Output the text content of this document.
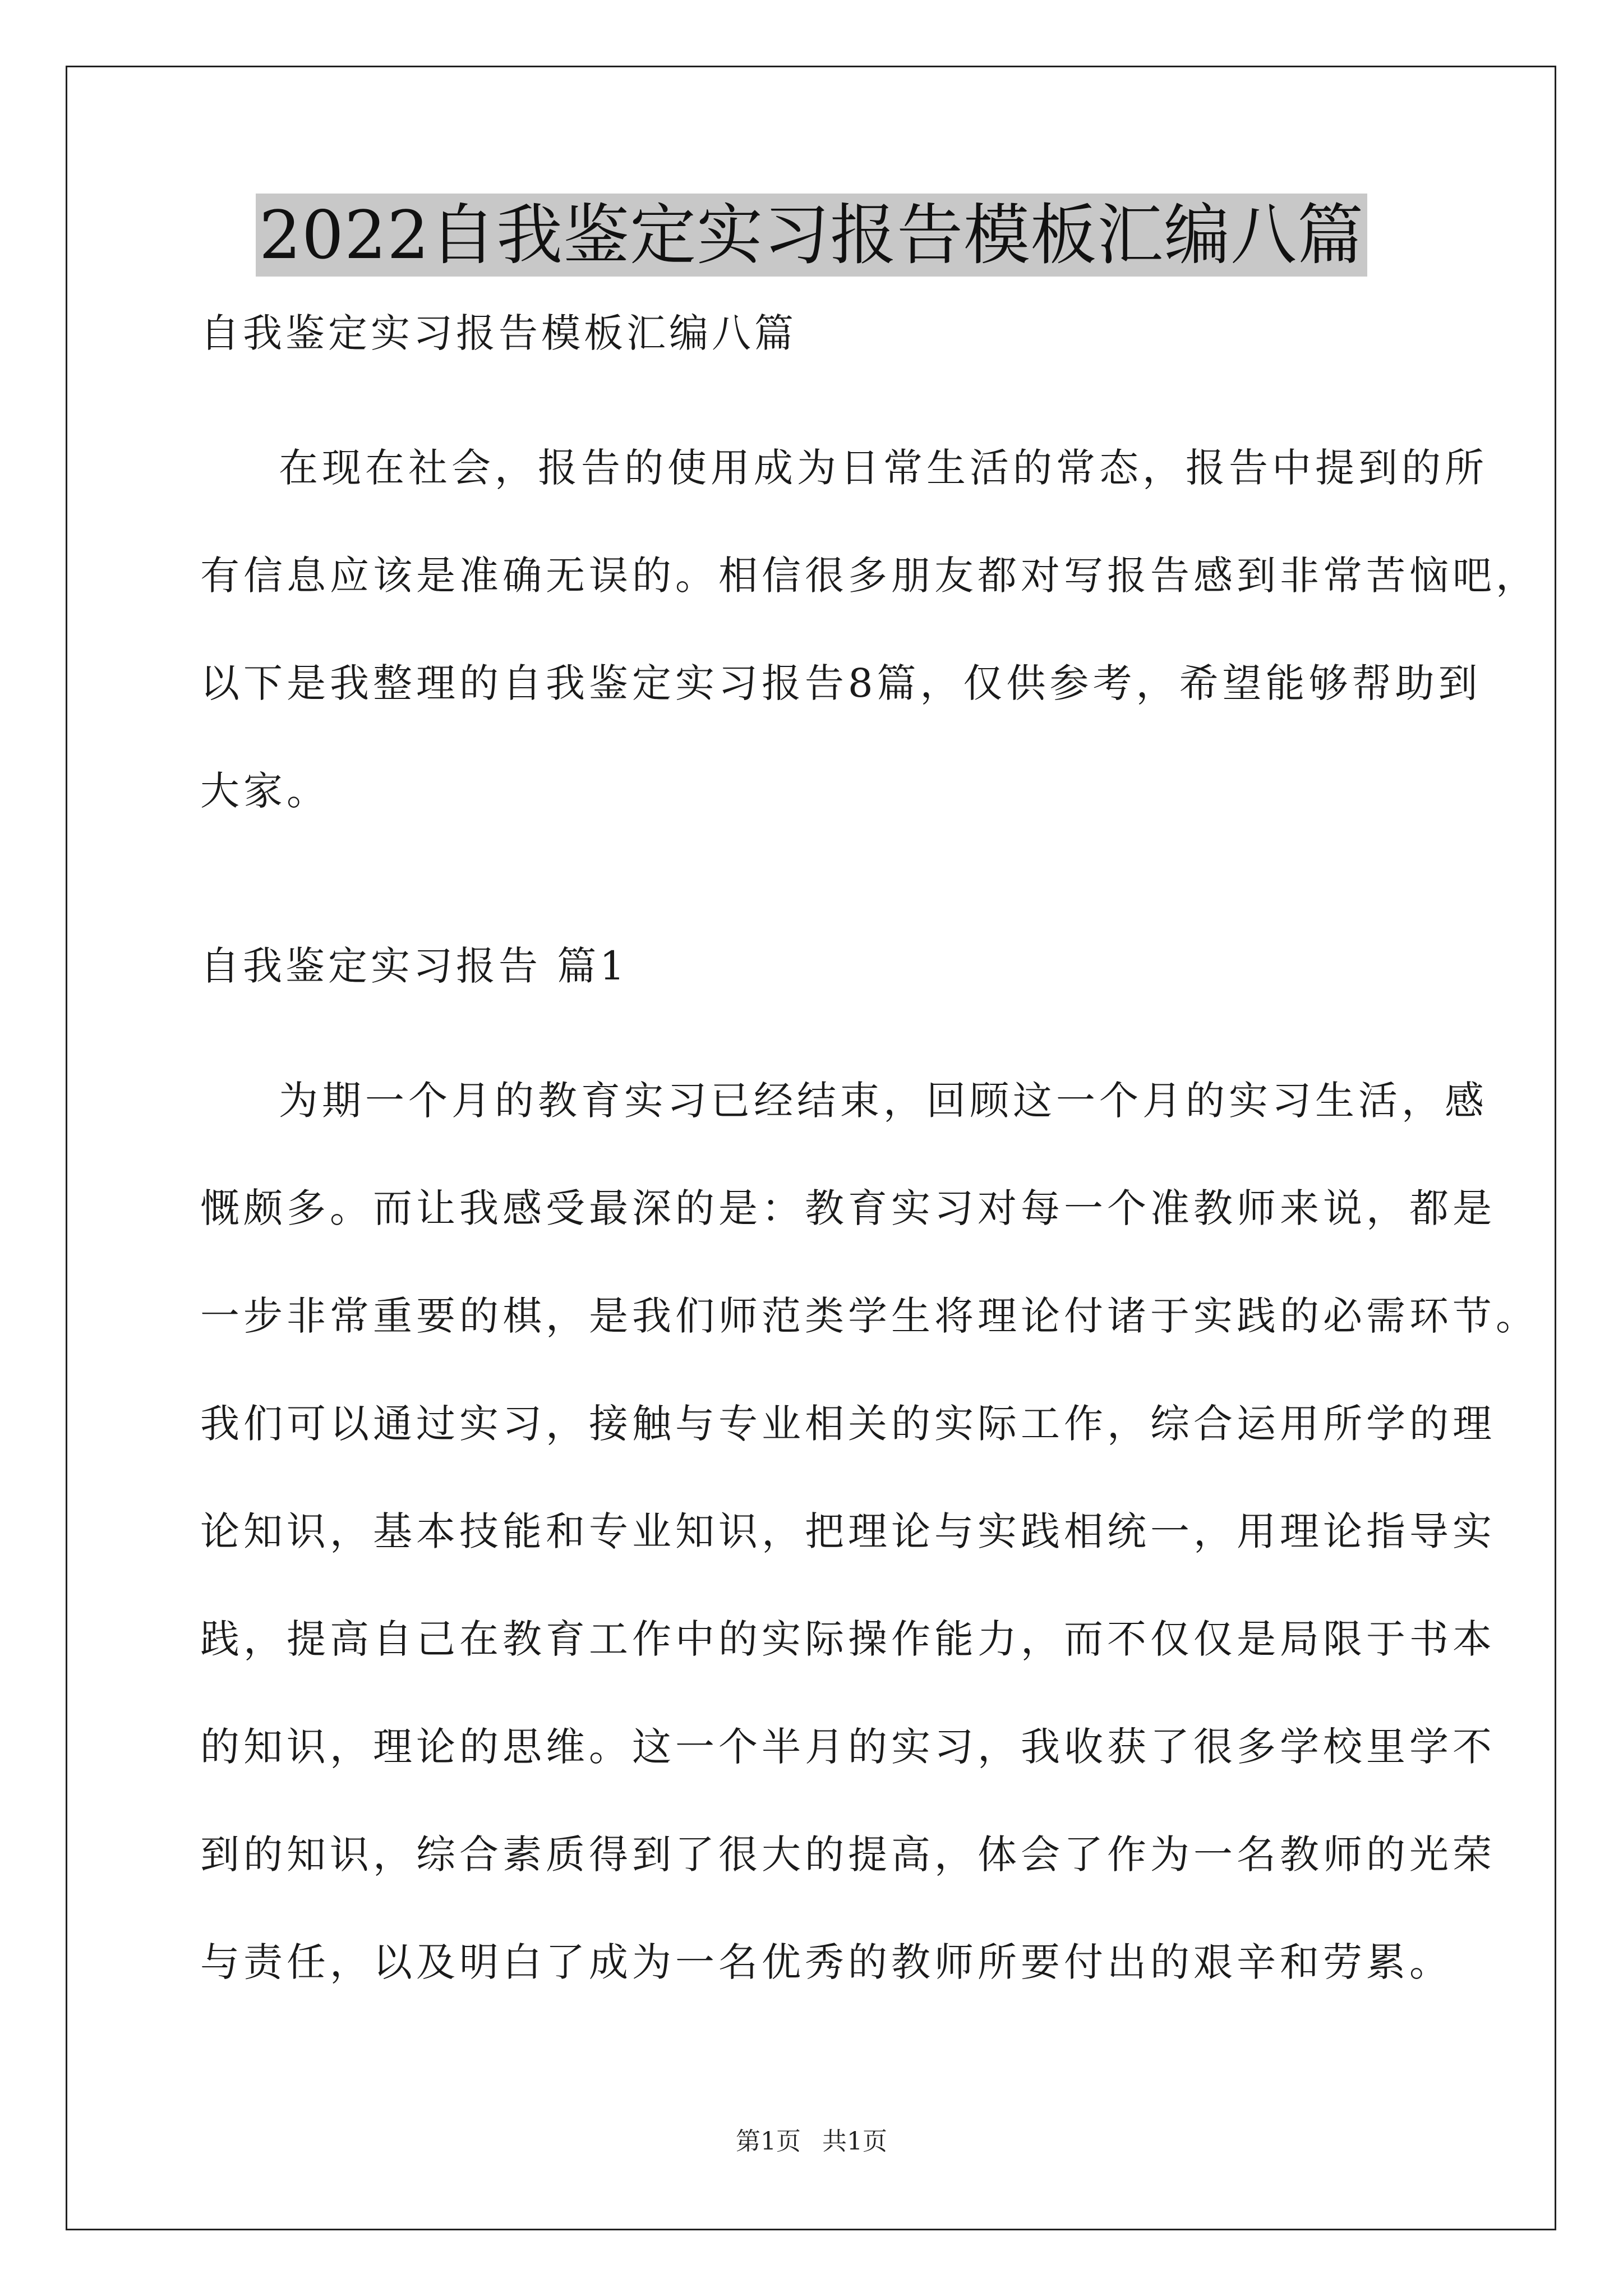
2022自我鉴定实习报告模板汇编八篇
自我鉴定实习报告模板汇编八篇
在现在社会，报告的使用成为日常生活的常态，报告中提到的所
有信息应该是准确无误的。相信很多朋友都对写报告感到非常苦恼吧，
以下是我整理的自我鉴定实习报告8篇，仅供参考，希望能够帮助到
大家。
自我鉴定实习报告 篇1
为期一个月的教育实习已经结束，回顾这一个月的实习生活，感
慨颇多。而让我感受最深的是：教育实习对每一个准教师来说，都是
一步非常重要的棋，是我们师范类学生将理论付诸于实践的必需环节。
我们可以通过实习，接触与专业相关的实际工作，综合运用所学的理
论知识，基本技能和专业知识，把理论与实践相统一，用理论指导实
践，提高自己在教育工作中的实际操作能力，而不仅仅是局限于书本
的知识，理论的思维。这一个半月的实习，我收获了很多学校里学不
到的知识，综合素质得到了很大的提高，体会了作为一名教师的光荣
与责任，以及明白了成为一名优秀的教师所要付出的艰辛和劳累。
第1页 共1页
